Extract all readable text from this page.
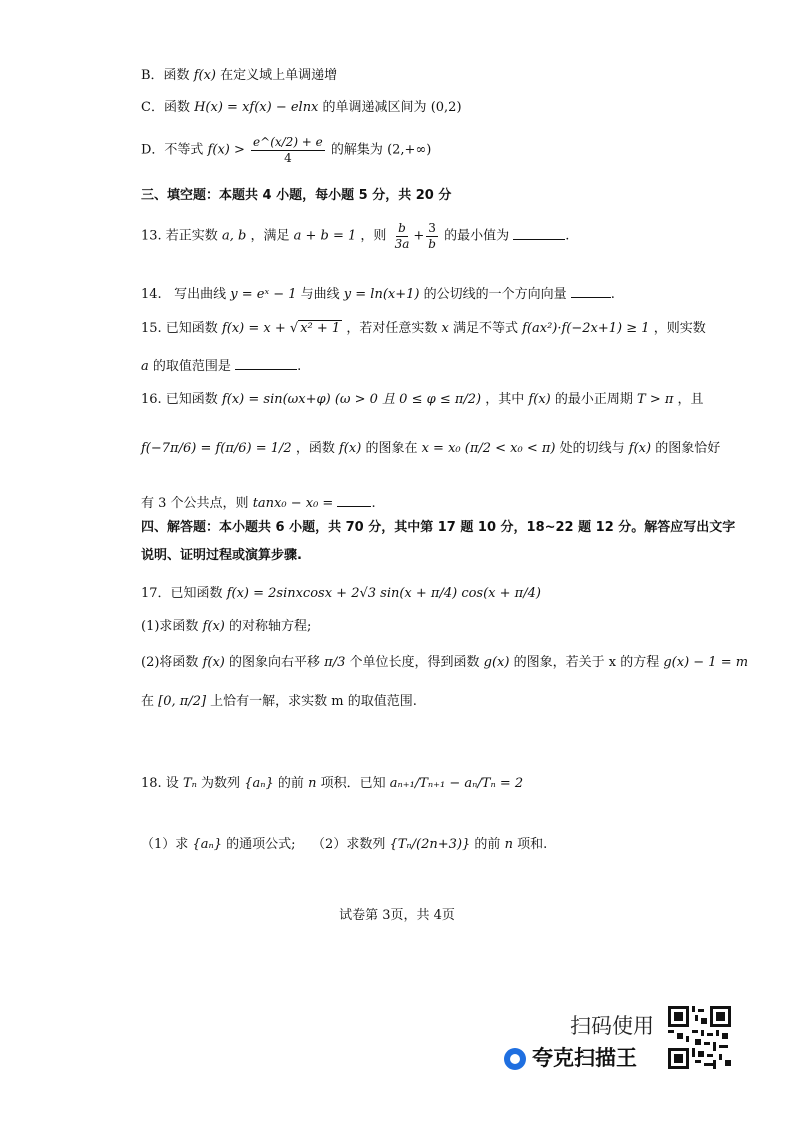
B．函数 f(x) 在定义域上单调递增
C．函数 H(x) = xf(x) − elnx 的单调递减区间为 (0,2)
D．不等式 $f(x) > \frac{e\^{}(x/2) + e}{4}$ 的解集为 (2,+∞)
三、填空题：本题共 4 小题，每小题 5 分，共 20 分
13. 若正实数 a, b ，满足 a + b = 1 ，则 $\frac{b}{3a} + \frac{3}{b}$ 的最小值为	.
14. 写出曲线 y = eˣ − 1 与曲线 y = ln(x+1) 的公切线的一个方向向量	.
15. 已知函数 f(x) = x + √ x² + 1 ，若对任意实数 x 满足不等式 f(ax²)·f(−2x+1) ≥ 1 ，则实数
a 的取值范围是	.
16. 已知函数 f(x) = sin(ωx+φ) (ω > 0 且 0 ≤ φ ≤ π/2) ，其中 f(x) 的最小正周期 T > π ，且
f(−7π/6) = f(π/6) = 1/2 ，函数 f(x) 的图象在 x = x₀ (π/2 < x₀ < π) 处的切线与 f(x) 的图象恰好
有 3 个公共点，则 tanx₀ − x₀ =	.
四、解答题：本小题共 6 小题，共 70 分，其中第 17 题 10 分，18~22 题 12 分。解答应写出文字
说明、证明过程或演算步骤.
17．已知函数 f(x) = 2sinxcosx + 2√3 sin(x + π/4) cos(x + π/4)
(1)求函数 f(x) 的对称轴方程;
(2)将函数 f(x) 的图象向右平移 π/3 个单位长度，得到函数 g(x) 的图象，若关于 x 的方程 g(x) − 1 = m
在 [0, π/2] 上恰有一解，求实数 m 的取值范围.
18. 设 Tₙ 为数列 {aₙ} 的前 n 项积．已知 aₙ₊₁/Tₙ₊₁ − aₙ/Tₙ = 2
（1）求 {aₙ} 的通项公式; （2）求数列 {Tₙ/(2n+3)} 的前 n 项和.
试卷第 3页，共 4页
扫码使用
夸克扫描王
